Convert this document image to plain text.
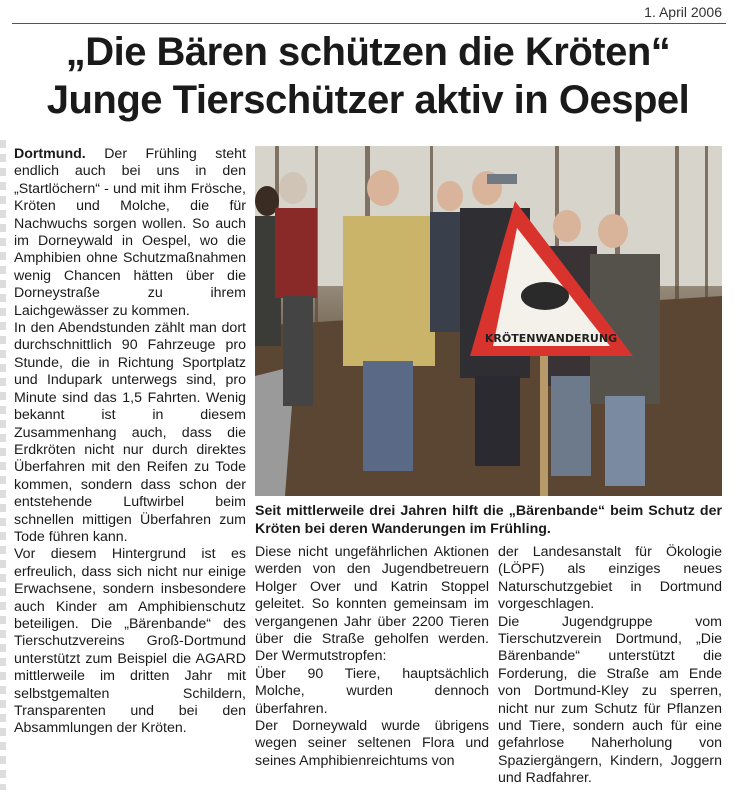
1. April 2006
„Die Bären schützen die Kröten“
Junge Tierschützer aktiv in Oespel

Dortmund. Der Frühling steht endlich auch bei uns in den „Startlöchern“ - und mit ihm Frösche, Kröten und Molche, die für Nachwuchs sorgen wollen. So auch im Dorneywald in Oespel, wo die Amphibien ohne Schutzmaßnahmen wenig Chancen hätten über die Dorneystraße zu ihrem Laichgewässer zu kommen.

In den Abendstunden zählt man dort durchschnittlich 90 Fahrzeuge pro Stunde, die in Richtung Sportplatz und Indupark unterwegs sind, pro Minute sind das 1,5 Fahrten. Wenig bekannt ist in diesem Zusammenhang auch, dass die Erdkröten nicht nur durch direktes Überfahren mit den Reifen zu Tode kommen, sondern dass schon der entstehende Luftwirbel beim schnellen mittigen Überfahren zum Tode führen kann.

Vor diesem Hintergrund ist es erfreulich, dass sich nicht nur einige Erwachsene, sondern insbesondere auch Kinder am Amphibienschutz beteiligen. Die „Bärenbande“ des Tierschutzvereins Groß-Dortmund unterstützt zum Beispiel die AGARD mittlerweile im dritten Jahr mit selbstgemalten Schildern, Transparenten und bei den Absammlungen der Kröten.

KRÖTENWANDERUNG
Seit mittlerweile drei Jahren hilft die „Bärenbande“ beim Schutz der Kröten bei deren Wanderungen im Frühling.

Diese nicht ungefährlichen Aktionen werden von den Jugendbetreuern Holger Over und Katrin Stoppel geleitet. So konnten gemeinsam im vergangenen Jahr über 2200 Tieren über die Straße geholfen werden. Der Wermutstropfen:

Über 90 Tiere, hauptsächlich Molche, wurden dennoch überfahren.

Der Dorneywald wurde übrigens wegen seiner seltenen Flora und seines Amphibienreichtums von

der Landesanstalt für Ökologie (LÖPF) als einziges neues Naturschutzgebiet in Dortmund vorgeschlagen.

Die Jugendgruppe vom Tierschutzverein Dortmund, „Die Bärenbande“ unterstützt die Forderung, die Straße am Ende von Dortmund-Kley zu sperren, nicht nur zum Schutz für Pflanzen und Tiere, sondern auch für eine gefahrlose Naherholung von Spaziergängern, Kindern, Joggern und Radfahrer.
